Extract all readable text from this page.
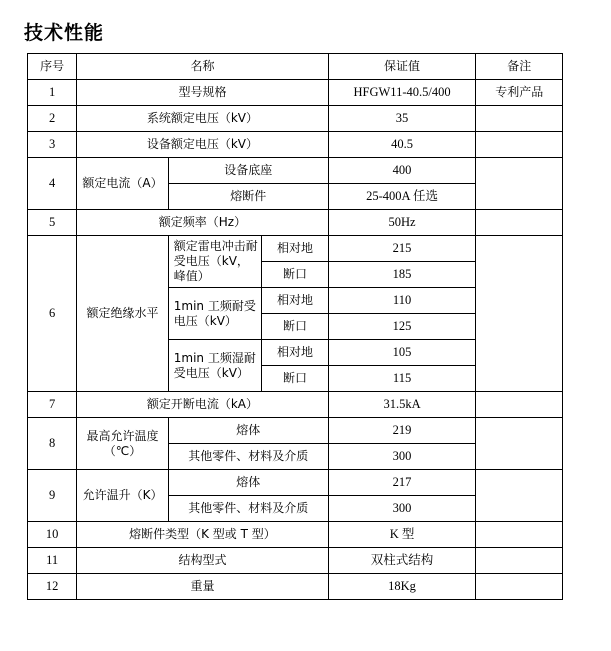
技术性能
序号	名称			保证值	备注
1	型号规格			HFGW11-40.5/400	专利产品
2	系统额定电压（kV）			35	
3	设备额定电压（kV）			40.5	
4	额定电流（A）	设备底座		400	
		熔断件		25-400A 任选	
5	额定频率（Hz）			50Hz	
6	额定绝缘水平	额定雷电冲击耐受电压（kV，峰值）	相对地	215	
			断口	185	
		1min 工频耐受电压（kV）	相对地	110	
			断口	125	
		1min 工频湿耐受电压（kV）	相对地	105	
			断口	115	
7	额定开断电流（kA）			31.5kA	
8	最高允许温度（℃）	熔体		219	
		其他零件、材料及介质		300	
9	允许温升（K）	熔体		217	
		其他零件、材料及介质		300	
10	熔断件类型（K 型或 T 型）			K 型	
11	结构型式			双柱式结构	
12	重量			18Kg	
